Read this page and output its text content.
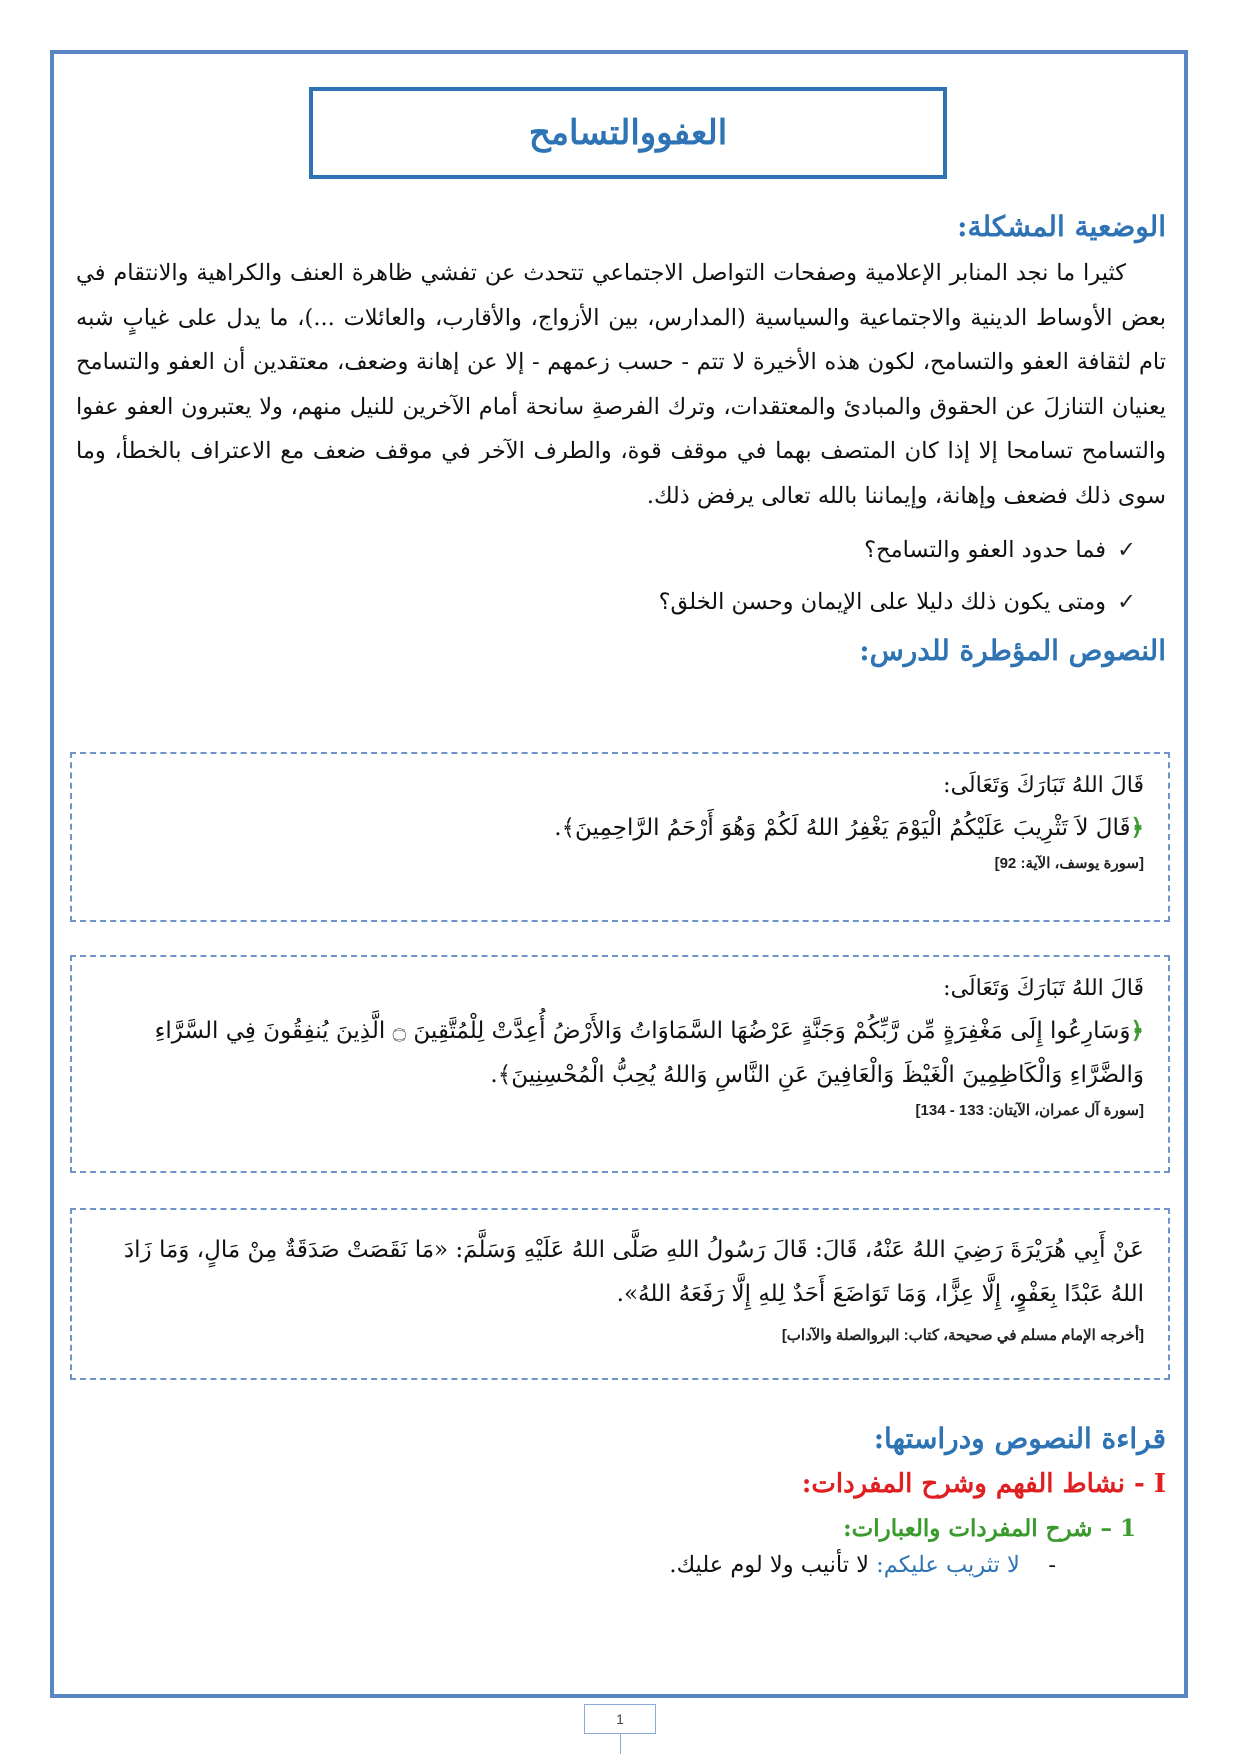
العفووالتسامح
الوضعية المشكلة:

كثيرا ما نجد المنابر الإعلامية وصفحات التواصل الاجتماعي تتحدث عن تفشي ظاهرة العنف والكراهية والانتقام في بعض الأوساط الدينية والاجتماعية والسياسية (المدارس، بين الأزواج، والأقارب، والعائلات ...)، ما يدل على غيابٍ شبه تام لثقافة العفو والتسامح، لكون هذه الأخيرة لا تتم - حسب زعمهم - إلا عن إهانة وضعف، معتقدين أن العفو والتسامح يعنيان التنازلَ عن الحقوق والمبادئ والمعتقدات، وترك الفرصةِ سانحة أمام الآخرين للنيل منهم، ولا يعتبرون العفو عفوا والتسامح تسامحا إلا إذا كان المتصف بهما في موقف قوة، والطرف الآخر في موقف ضعف مع الاعتراف بالخطأ، وما سوى ذلك فضعف وإهانة، وإيماننا بالله تعالى يرفض ذلك.

✓فما حدود العفو والتسامح؟
✓ومتى يكون ذلك دليلا على الإيمان وحسن الخلق؟
النصوص المؤطرة للدرس:
قَالَ اللهُ تَبَارَكَ وَتَعَالَى:
﴿قَالَ لاَ تَثْرِيبَ عَلَيْكُمُ الْيَوْمَ يَغْفِرُ اللهُ لَكُمْ وَهُوَ أَرْحَمُ الرَّاحِمِينَ﴾.
[سورة يوسف، الآية: 92]
قَالَ اللهُ تَبَارَكَ وَتَعَالَى:
﴿وَسَارِعُوا إِلَى مَغْفِرَةٍ مِّن رَّبِّكُمْ وَجَنَّةٍ عَرْضُهَا السَّمَاوَاتُ وَالأَرْضُ أُعِدَّتْ لِلْمُتَّقِينَ ۝ الَّذِينَ يُنفِقُونَ فِي السَّرَّاءِ وَالضَّرَّاءِ وَالْكَاظِمِينَ الْغَيْظَ وَالْعَافِينَ عَنِ النَّاسِ وَاللهُ يُحِبُّ الْمُحْسِنِينَ﴾.
[سورة آل عمران، الآيتان: 133 - 134]
عَنْ أَبِي هُرَيْرَةَ رَضِيَ اللهُ عَنْهُ، قَالَ: قَالَ رَسُولُ اللهِ صَلَّى اللهُ عَلَيْهِ وَسَلَّمَ: «مَا نَقَصَتْ صَدَقَةٌ مِنْ مَالٍ، وَمَا زَادَ اللهُ عَبْدًا بِعَفْوٍ، إِلَّا عِزًّا، وَمَا تَوَاضَعَ أَحَدٌ لِلهِ إِلَّا رَفَعَهُ اللهُ».
[أخرجه الإمام مسلم في صحيحة، كتاب: البروالصلة والآداب]
قراءة النصوص ودراستها:
I - نشاط الفهم وشرح المفردات:
1 – شرح المفردات والعبارات:
-    لا تثريب عليكم: لا تأنيب ولا لوم عليك.
1
